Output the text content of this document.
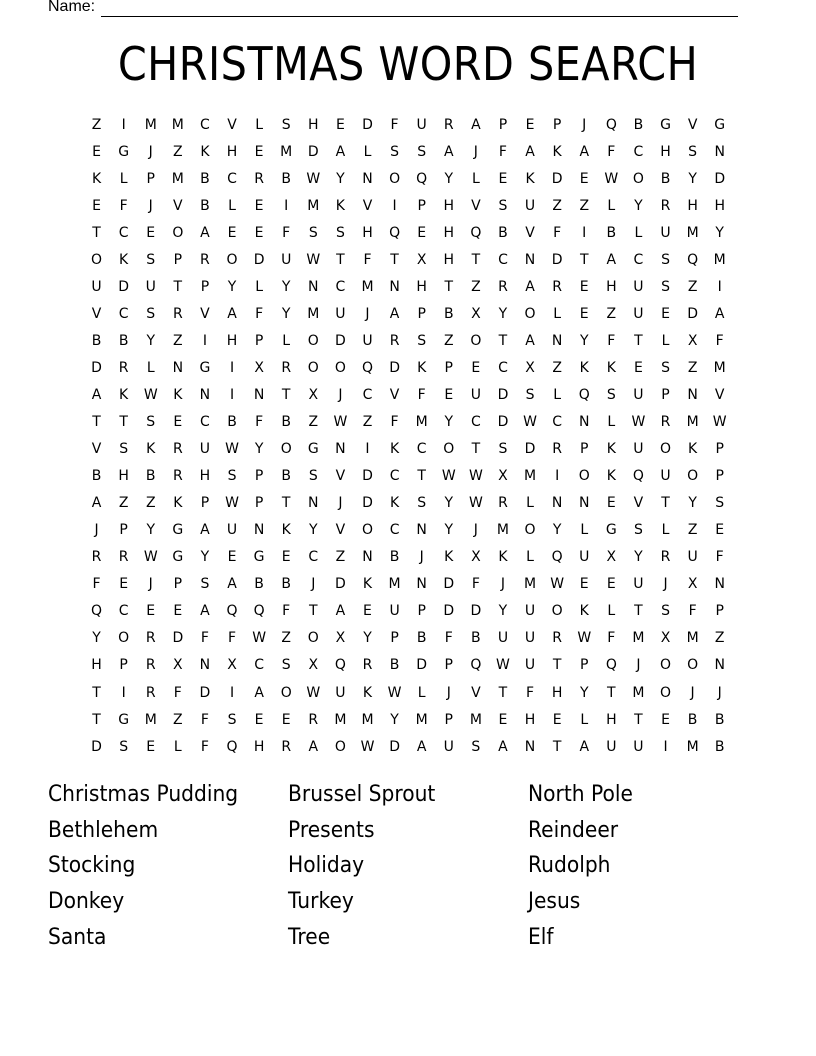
Name:
CHRISTMAS WORD SEARCH
Z	I	M	M	C	V	L	S	H	E	D	F	U	R	A	P	E	P	J	Q	B	G	V	G
E	G	J	Z	K	H	E	M	D	A	L	S	S	A	J	F	A	K	A	F	C	H	S	N
K	L	P	M	B	C	R	B	W	Y	N	O	Q	Y	L	E	K	D	E	W	O	B	Y	D
E	F	J	V	B	L	E	I	M	K	V	I	P	H	V	S	U	Z	Z	L	Y	R	H	H
T	C	E	O	A	E	E	F	S	S	H	Q	E	H	Q	B	V	F	I	B	L	U	M	Y
O	K	S	P	R	O	D	U	W	T	F	T	X	H	T	C	N	D	T	A	C	S	Q	M
U	D	U	T	P	Y	L	Y	N	C	M	N	H	T	Z	R	A	R	E	H	U	S	Z	I
V	C	S	R	V	A	F	Y	M	U	J	A	P	B	X	Y	O	L	E	Z	U	E	D	A
B	B	Y	Z	I	H	P	L	O	D	U	R	S	Z	O	T	A	N	Y	F	T	L	X	F
D	R	L	N	G	I	X	R	O	O	Q	D	K	P	E	C	X	Z	K	K	E	S	Z	M
A	K	W	K	N	I	N	T	X	J	C	V	F	E	U	D	S	L	Q	S	U	P	N	V
T	T	S	E	C	B	F	B	Z	W	Z	F	M	Y	C	D	W	C	N	L	W	R	M	W
V	S	K	R	U	W	Y	O	G	N	I	K	C	O	T	S	D	R	P	K	U	O	K	P
B	H	B	R	H	S	P	B	S	V	D	C	T	W W	X	M	I	O	K	Q	U	O	P
A	Z	Z	K	P	W	P	T	N	J	D	K	S	Y	W	R	L	N	N	E	V	T	Y	S
J	P	Y	G	A	U	N	K	Y	V	O	C	N	Y	J	M	O	Y	L	G	S	L	Z	E
R	R	W	G	Y	E	G	E	C	Z	N	B	J	K	X	K	L	Q	U	X	Y	R	U	F
F	E	J	P	S	A	B	B	J	D	K	M	N	D	F	J	M	W	E	E	U	J	X	N
Q	C	E	E	A	Q	Q	F	T	A	E	U	P	D	D	Y	U	O	K	L	T	S	F	P
Y	O	R	D	F	F	W	Z	O	X	Y	P	B	F	B	U	U	R	W	F	M	X	M	Z
H	P	R	X	N	X	C	S	X	Q	R	B	D	P	Q	W	U	T	P	Q	J	O	O	N
T	I	R	F	D	I	A	O	W	U	K	W	L	J	V	T	F	H	Y	T	M	O	J	J
T	G	M	Z	F	S	E	E	R	M	M	Y	M	P	M	E	H	E	L	H	T	E	B	B
D	S	E	L	F	Q	H	R	A	O	W	D	A	U	S	A	N	T	A	U	U	I	M	B
Christmas Pudding	Brussel Sprout	North Pole
Bethlehem	Presents	Reindeer
Stocking	Holiday	Rudolph
Donkey	Turkey	Jesus
Santa	Tree	Elf
